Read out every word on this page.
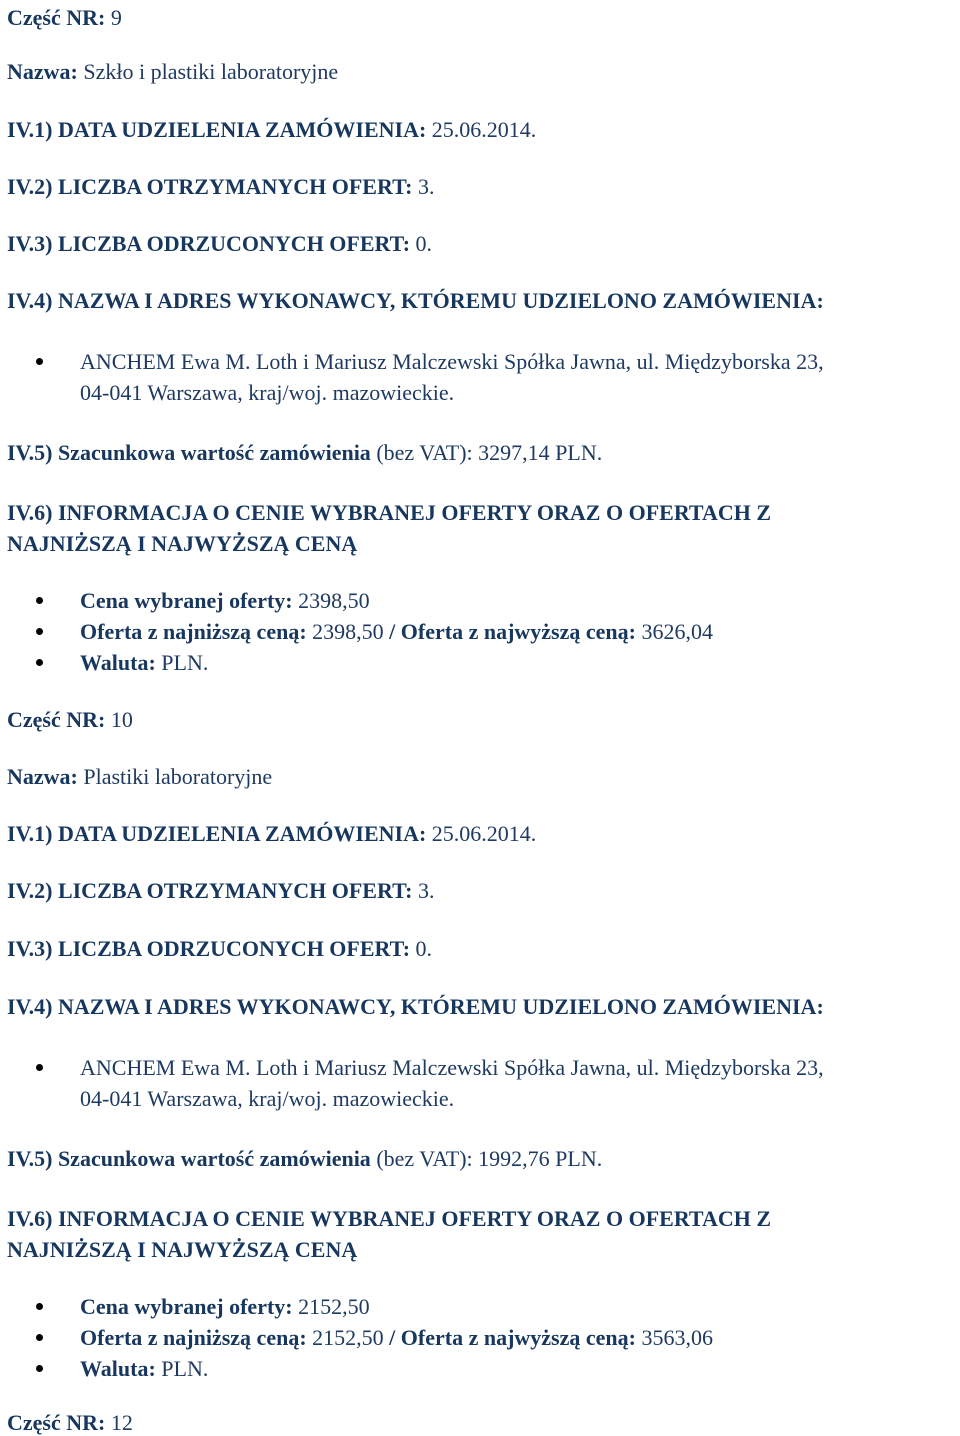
Część NR: 9
Nazwa: Szkło i plastiki laboratoryjne
IV.1) DATA UDZIELENIA ZAMÓWIENIA: 25.06.2014.
IV.2) LICZBA OTRZYMANYCH OFERT: 3.
IV.3) LICZBA ODRZUCONYCH OFERT: 0.
IV.4) NAZWA I ADRES WYKONAWCY, KTÓREMU UDZIELONO ZAMÓWIENIA:
ANCHEM Ewa M. Loth i Mariusz Malczewski Spółka Jawna, ul. Międzyborska 23,
04-041 Warszawa, kraj/woj. mazowieckie.
IV.5) Szacunkowa wartość zamówienia (bez VAT): 3297,14 PLN.
IV.6) INFORMACJA O CENIE WYBRANEJ OFERTY ORAZ O OFERTACH Z
NAJNIŻSZĄ I NAJWYŻSZĄ CENĄ
Cena wybranej oferty: 2398,50
Oferta z najniższą ceną: 2398,50 / Oferta z najwyższą ceną: 3626,04
Waluta: PLN.
Część NR: 10
Nazwa: Plastiki laboratoryjne
IV.1) DATA UDZIELENIA ZAMÓWIENIA: 25.06.2014.
IV.2) LICZBA OTRZYMANYCH OFERT: 3.
IV.3) LICZBA ODRZUCONYCH OFERT: 0.
IV.4) NAZWA I ADRES WYKONAWCY, KTÓREMU UDZIELONO ZAMÓWIENIA:
ANCHEM Ewa M. Loth i Mariusz Malczewski Spółka Jawna, ul. Międzyborska 23,
04-041 Warszawa, kraj/woj. mazowieckie.
IV.5) Szacunkowa wartość zamówienia (bez VAT): 1992,76 PLN.
IV.6) INFORMACJA O CENIE WYBRANEJ OFERTY ORAZ O OFERTACH Z
NAJNIŻSZĄ I NAJWYŻSZĄ CENĄ
Cena wybranej oferty: 2152,50
Oferta z najniższą ceną: 2152,50 / Oferta z najwyższą ceną: 3563,06
Waluta: PLN.
Część NR: 12
